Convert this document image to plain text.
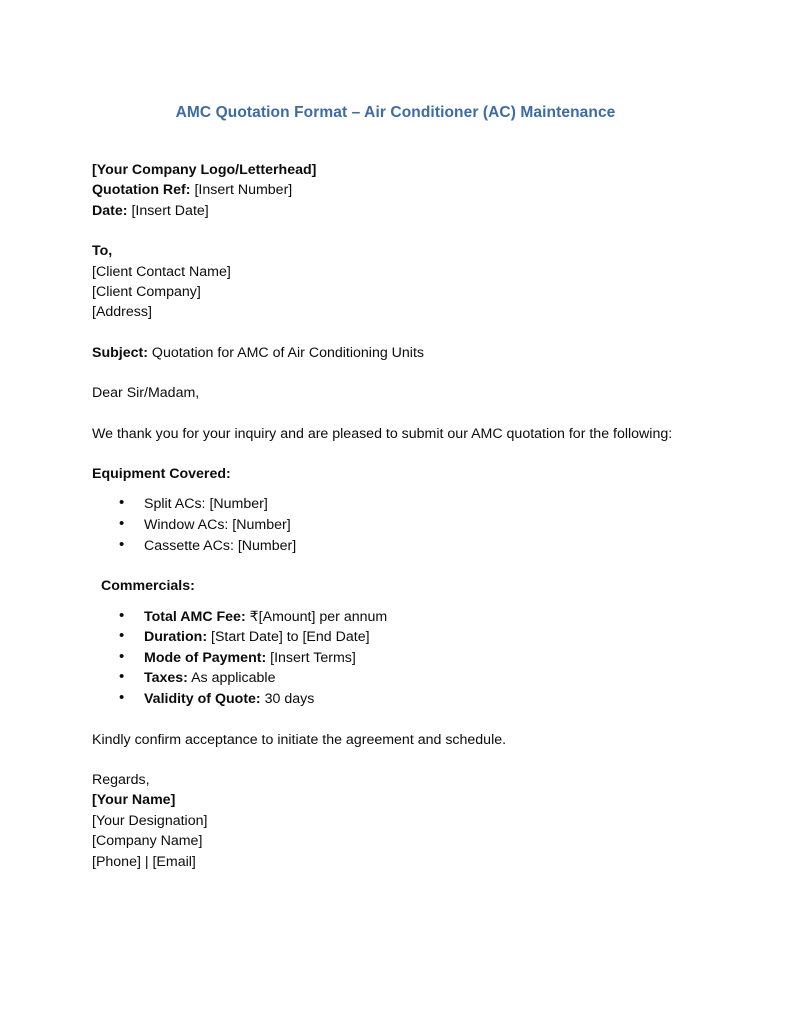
AMC Quotation Format – Air Conditioner (AC) Maintenance
[Your Company Logo/Letterhead]
Quotation Ref: [Insert Number]
Date: [Insert Date]
To,
[Client Contact Name]
[Client Company]
[Address]
Subject: Quotation for AMC of Air Conditioning Units
Dear Sir/Madam,

We thank you for your inquiry and are pleased to submit our AMC quotation for the following:

Equipment Covered:
• Split ACs: [Number]
• Window ACs: [Number]
• Cassette ACs: [Number]
Commercials:
• Total AMC Fee: ₹[Amount] per annum
• Duration: [Start Date] to [End Date]
• Mode of Payment: [Insert Terms]
• Taxes: As applicable
• Validity of Quote: 30 days

Kindly confirm acceptance to initiate the agreement and schedule.

Regards,
[Your Name]
[Your Designation]
[Company Name]
[Phone] | [Email]
